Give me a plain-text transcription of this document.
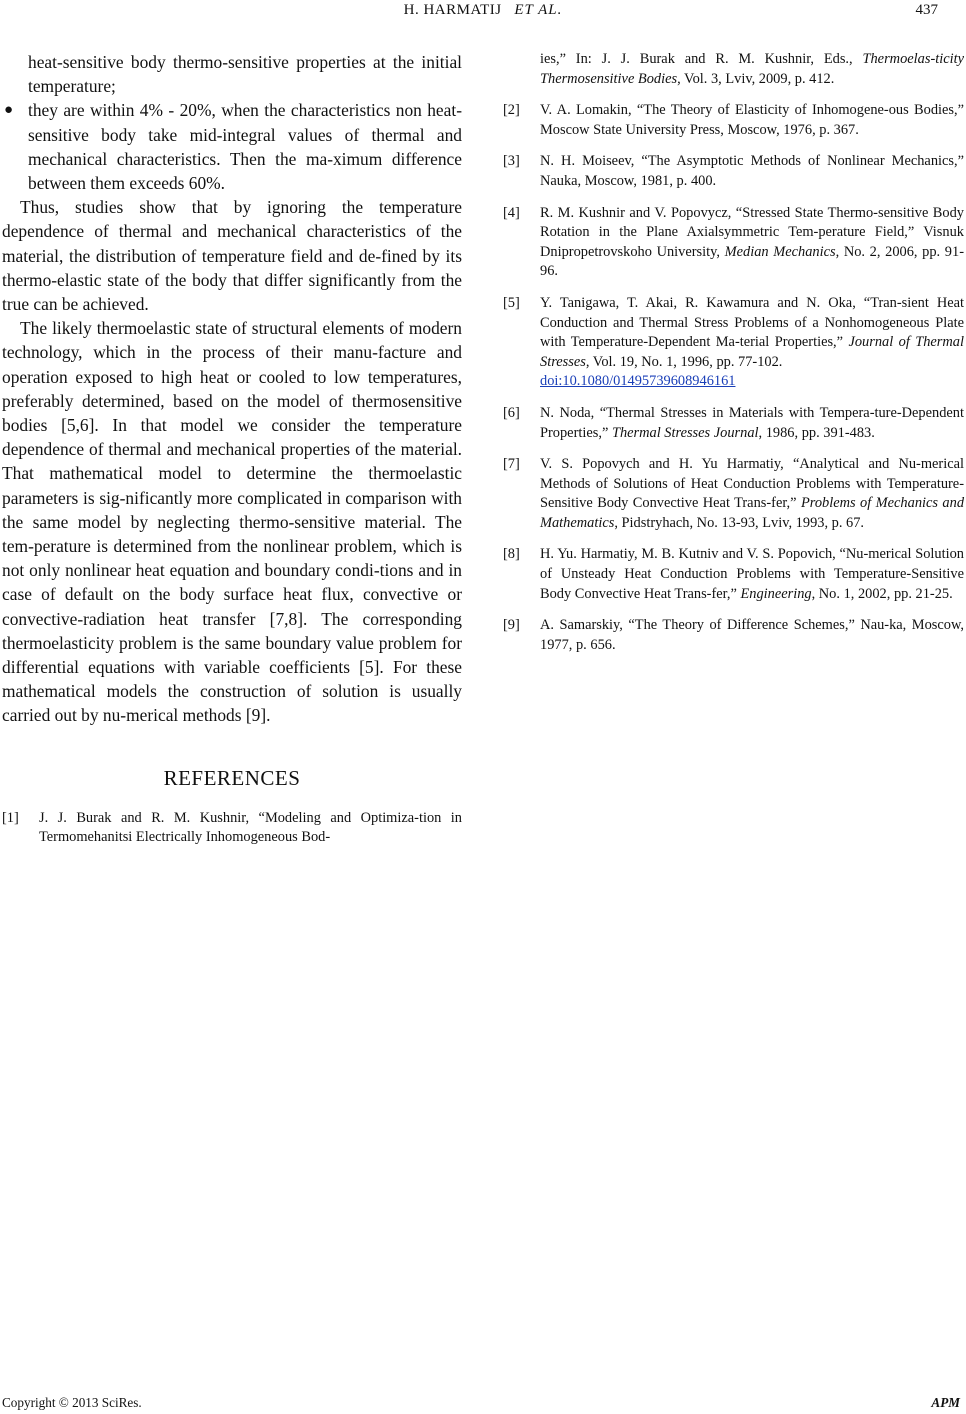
H. HARMATIJ ET AL.	437
heat-sensitive body thermo-sensitive properties at the initial temperature;
● they are within 4% - 20%, when the characteristics non heat-sensitive body take mid-integral values of thermal and mechanical characteristics. Then the ma-ximum difference between them exceeds 60%.

Thus, studies show that by ignoring the temperature dependence of thermal and mechanical characteristics of the material, the distribution of temperature field and de-fined by its thermo-elastic state of the body that differ significantly from the true can be achieved.

The likely thermoelastic state of structural elements of modern technology, which in the process of their manu-facture and operation exposed to high heat or cooled to low temperatures, preferably determined, based on the model of thermosensitive bodies [5,6]. In that model we consider the temperature dependence of thermal and mechanical properties of the material. That mathematical model to determine the thermoelastic parameters is sig-nificantly more complicated in comparison with the same model by neglecting thermo-sensitive material. The tem-perature is determined from the nonlinear problem, which is not only nonlinear heat equation and boundary condi-tions and in case of default on the body surface heat flux, convective or convective-radiation heat transfer [7,8]. The corresponding thermoelasticity problem is the same boundary value problem for differential equations with variable coefficients [5]. For these mathematical models the construction of solution is usually carried out by nu-merical methods [9].

REFERENCES
[1] J. J. Burak and R. M. Kushnir, “Modeling and Optimiza-tion in Termomehanitsi Electrically Inhomogeneous Bod-
ies,” In: J. J. Burak and R. M. Kushnir, Eds., Thermoelas-ticity Thermosensitive Bodies, Vol. 3, Lviv, 2009, p. 412.
[2] V. A. Lomakin, “The Theory of Elasticity of Inhomogene-ous Bodies,” Moscow State University Press, Moscow, 1976, p. 367.
[3] N. H. Moiseev, “The Asymptotic Methods of Nonlinear Mechanics,” Nauka, Moscow, 1981, p. 400.
[4] R. M. Kushnir and V. Popovycz, “Stressed State Thermo-sensitive Body Rotation in the Plane Axialsymmetric Tem-perature Field,” Visnuk Dnipropetrovskoho University, Median Mechanics, No. 2, 2006, pp. 91-96.
[5] Y. Tanigawa, T. Akai, R. Kawamura and N. Oka, “Tran-sient Heat Conduction and Thermal Stress Problems of a Nonhomogeneous Plate with Temperature-Dependent Ma-terial Properties,” Journal of Thermal Stresses, Vol. 19, No. 1, 1996, pp. 77-102.
doi:10.1080/01495739608946161
[6] N. Noda, “Thermal Stresses in Materials with Tempera-ture-Dependent Properties,” Thermal Stresses Journal, 1986, pp. 391-483.
[7] V. S. Popovych and H. Yu Harmatiy, “Analytical and Nu-merical Methods of Solutions of Heat Conduction Problems with Temperature-Sensitive Body Convective Heat Trans-fer,” Problems of Mechanics and Mathematics, Pidstryhach, No. 13-93, Lviv, 1993, p. 67.
[8] H. Yu. Harmatiy, M. B. Kutniv and V. S. Popovich, “Nu-merical Solution of Unsteady Heat Conduction Problems with Temperature-Sensitive Body Convective Heat Trans-fer,” Engineering, No. 1, 2002, pp. 21-25.
[9] A. Samarskiy, “The Theory of Difference Schemes,” Nau-ka, Moscow, 1977, p. 656.
Copyright © 2013 SciRes.	APM
